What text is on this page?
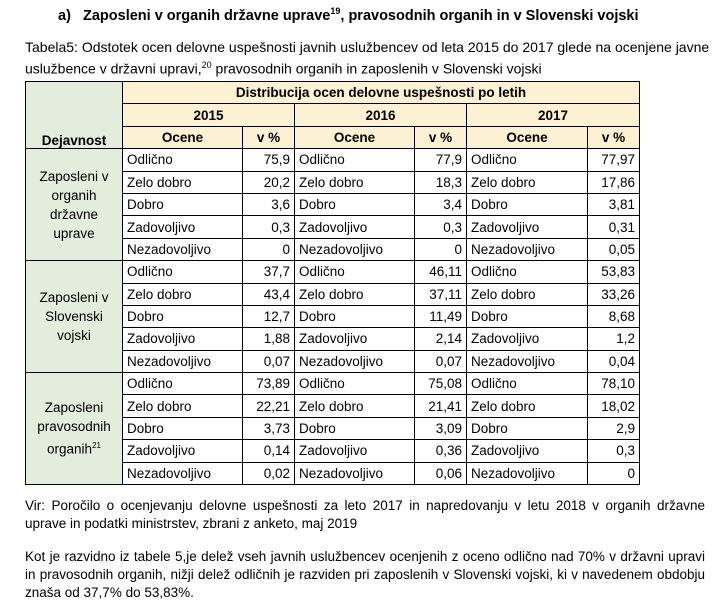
a) Zaposleni v organih državne uprave$^{19}$, pravosodnih organih in v Slovenski vojski
Tabela5: Odstotek ocen delovne uspešnosti javnih uslužbencev od leta 2015 do 2017 glede na ocenjene javne uslužbence v državni upravi,$^{20}$ pravosodnih organih in zaposlenih v Slovenski vojski
Dejavnost	Distribucija ocen delovne uspešnosti po letih					
	2015		2016		2017	
	Ocene	v %	Ocene	v %	Ocene	v %

Zaposleni v
organih
državne
uprave	Odlično	75,9	Odlično	77,9	Odlično	77,97
	Zelo dobro	20,2	Zelo dobro	18,3	Zelo dobro	17,86
	Dobro	3,6	Dobro	3,4	Dobro	3,81
	Zadovoljivo	0,3	Zadovoljivo	0,3	Zadovoljivo	0,31
	Nezadovoljivo	0	Nezadovoljivo	0	Nezadovoljivo	0,05

Zaposleni v
Slovenski
vojski	Odlično	37,7	Odlično	46,11	Odlično	53,83
	Zelo dobro	43,4	Zelo dobro	37,11	Zelo dobro	33,26
	Dobro	12,7	Dobro	11,49	Dobro	8,68
	Zadovoljivo	1,88	Zadovoljivo	2,14	Zadovoljivo	1,2
	Nezadovoljivo	0,07	Nezadovoljivo	0,07	Nezadovoljivo	0,04

Zaposleni
pravosodnih
organih$^{21}$	Odlično	73,89	Odlično	75,08	Odlično	78,10
	Zelo dobro	22,21	Zelo dobro	21,41	Zelo dobro	18,02
	Dobro	3,73	Dobro	3,09	Dobro	2,9
	Zadovoljivo	0,14	Zadovoljivo	0,36	Zadovoljivo	0,3
	Nezadovoljivo	0,02	Nezadovoljivo	0,06	Nezadovoljivo	0
Vir: Poročilo o ocenjevanju delovne uspešnosti za leto 2017 in napredovanju v letu 2018 v organih državne uprave in podatki ministrstev, zbrani z anketo, maj 2019
Kot je razvidno iz tabele 5,je delež vseh javnih uslužbencev ocenjenih z oceno odlično nad 70% v državni upravi in pravosodnih organih, nižji delež odličnih je razviden pri zaposlenih v Slovenski vojski, ki v navedenem obdobju znaša od 37,7% do 53,83%.
